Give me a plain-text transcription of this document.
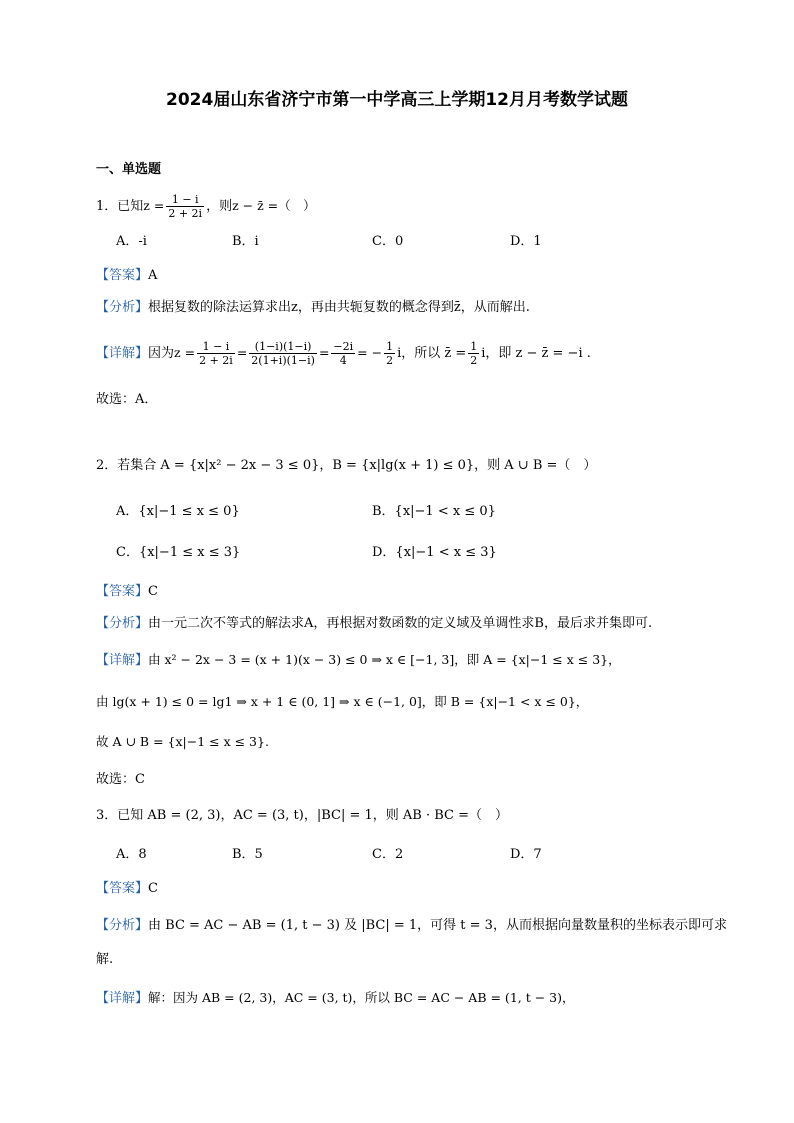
2024届山东省济宁市第一中学高三上学期12月月考数学试题
一、单选题
1．已知$z = \frac{1 - i}{2 + 2i}$ ，则z − z̄ =（　）
A．-i	B．i	C．0	D．1
【答案】A
【分析】根据复数的除法运算求出z，再由共轭复数的概念得到z̄，从而解出.
【详解】因为$z = \frac{1 - i}{2 + 2i} = \frac{(1-i)(1-i)}{2(1+i)(1-i)} = \frac{-2i}{4}$ = − $\frac{1}{2}$ i，所以 z̄ = $\frac{1}{2}$ i，即 z − z̄ = −i .
故选：A．
2．若集合 A = {x|x² − 2x − 3 ≤ 0}，B = {x|lg(x + 1) ≤ 0}，则 A ∪ B =（　）
A．{x|−1 ≤ x ≤ 0}	B．{x|−1 < x ≤ 0}
C．{x|−1 ≤ x ≤ 3}	D．{x|−1 < x ≤ 3}
【答案】C
【分析】由一元二次不等式的解法求A，再根据对数函数的定义域及单调性求B，最后求并集即可.
【详解】由 x² − 2x − 3 = (x + 1)(x − 3) ≤ 0 ⇒ x ∈ [−1, 3]，即 A = {x|−1 ≤ x ≤ 3}，
由 lg(x + 1) ≤ 0 = lg1 ⇒ x + 1 ∈ (0, 1] ⇒ x ∈ (−1, 0]，即 B = {x|−1 < x ≤ 0}，
故 A ∪ B = {x|−1 ≤ x ≤ 3}.
故选：C
3．已知 AB = (2, 3)，AC = (3, t)，|BC| = 1，则 AB · BC =（　）
A．8	B．5	C．2	D．7
【答案】C
【分析】由 BC = AC − AB = (1, t − 3) 及 |BC| = 1，可得 t = 3，从而根据向量数量积的坐标表示即可求
解.
【详解】解：因为 AB = (2, 3)，AC = (3, t)，所以 BC = AC − AB = (1, t − 3)，
